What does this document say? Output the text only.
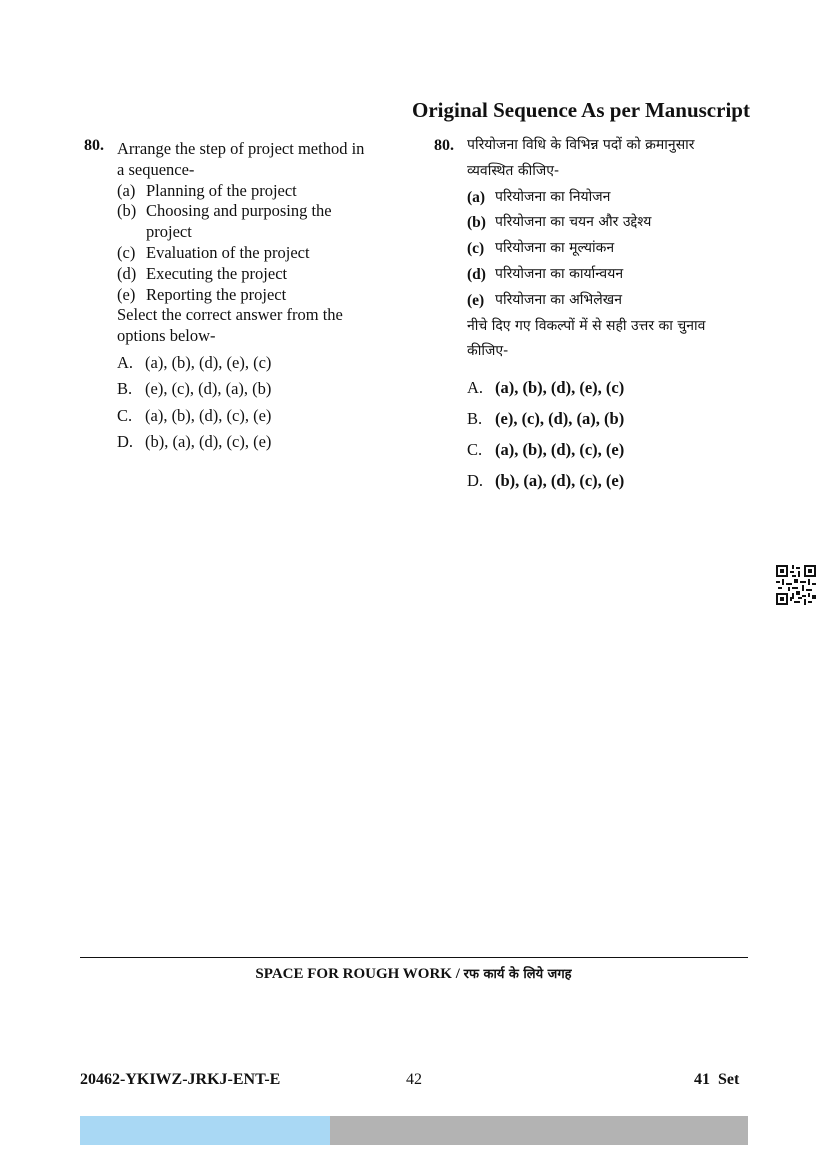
Original Sequence As per Manuscript
80. Arrange the step of project method in
a sequence-
(a) Planning of the project
(b) Choosing and purposing the
project
(c) Evaluation of the project
(d) Executing the project
(e) Reporting the project
Select the correct answer from the
options below-
A. (a), (b), (d), (e), (c)
B. (e), (c), (d), (a), (b)
C. (a), (b), (d), (c), (e)
D. (b), (a), (d), (c), (e)
80. परियोजना विधि के विभिन्न पदों को क्रमानुसार
व्यवस्थित कीजिए-
(a) परियोजना का नियोजन
(b) परियोजना का चयन और उद्देश्य
(c) परियोजना का मूल्यांकन
(d) परियोजना का कार्यान्वयन
(e) परियोजना का अभिलेखन
नीचे दिए गए विकल्पों में से सही उत्तर का चुनाव
कीजिए-
A. (a), (b), (d), (e), (c)
B. (e), (c), (d), (a), (b)
C. (a), (b), (d), (c), (e)
D. (b), (a), (d), (c), (e)
SPACE FOR ROUGH WORK / रफ कार्य के लिये जगह
20462-YKIWZ-JRKJ-ENT-E	42	41  Set
